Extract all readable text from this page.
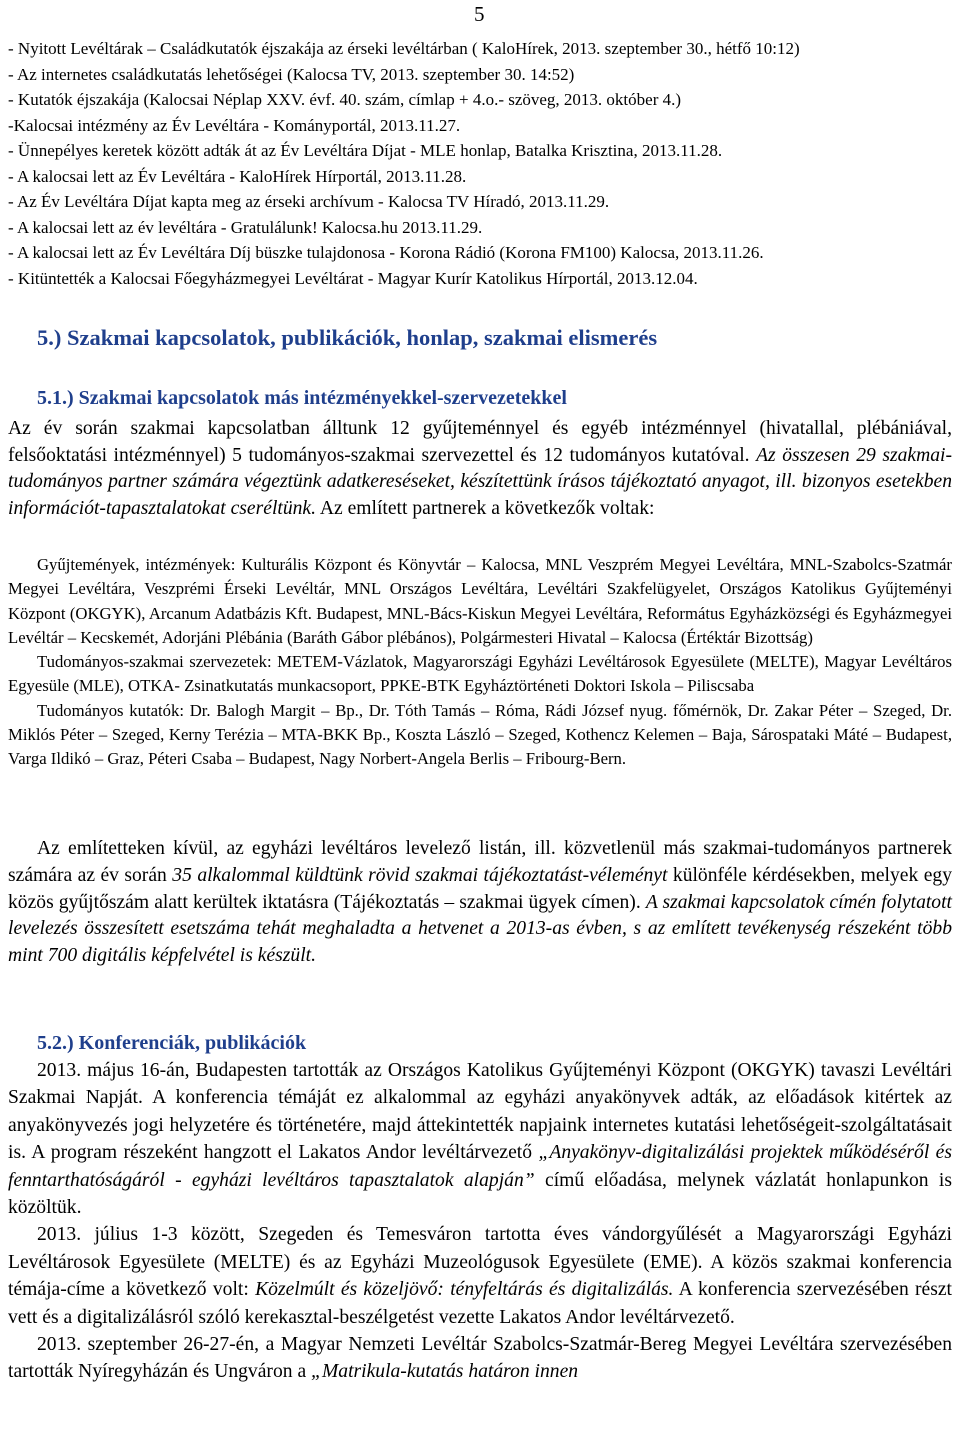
5
- Nyitott Levéltárak – Családkutatók éjszakája az érseki levéltárban ( KaloHírek, 2013. szeptember 30., hétfő 10:12)
- Az internetes családkutatás lehetőségei (Kalocsa TV, 2013. szeptember 30. 14:52)
- Kutatók éjszakája (Kalocsai Néplap XXV. évf. 40. szám, címlap + 4.o.- szöveg, 2013. október 4.)
-Kalocsai intézmény az Év Levéltára - Kományportál, 2013.11.27.
- Ünnepélyes keretek között adták át az Év Levéltára Díjat - MLE honlap, Batalka Krisztina, 2013.11.28.
- A kalocsai lett az Év Levéltára - KaloHírek Hírportál, 2013.11.28.
- Az Év Levéltára Díjat kapta meg az érseki archívum - Kalocsa TV Híradó, 2013.11.29.
- A kalocsai lett az év levéltára - Gratulálunk! Kalocsa.hu 2013.11.29.
- A kalocsai lett az Év Levéltára Díj büszke tulajdonosa - Korona Rádió (Korona FM100) Kalocsa, 2013.11.26.
- Kitüntették a Kalocsai Főegyházmegyei Levéltárat - Magyar Kurír Katolikus Hírportál, 2013.12.04.
5.) Szakmai kapcsolatok, publikációk, honlap, szakmai elismerés
5.1.) Szakmai kapcsolatok más intézményekkel-szervezetekkel

Az év során szakmai kapcsolatban álltunk 12 gyűjteménnyel és egyéb intézménnyel (hivatallal, plébániával, felsőoktatási intézménnyel) 5 tudományos-szakmai szervezettel és 12 tudományos kutatóval. Az összesen 29 szakmai-tudományos partner számára végeztünk adatkereséseket, készítettünk írásos tájékoztató anyagot, ill. bizonyos esetekben információt-tapasztalatokat cseréltünk. Az említett partnerek a következők voltak:

Gyűjtemények, intézmények: Kulturális Központ és Könyvtár – Kalocsa, MNL Veszprém Megyei Levéltára, MNL-Szabolcs-Szatmár Megyei Levéltára, Veszprémi Érseki Levéltár, MNL Országos Levéltára, Levéltári Szakfelügyelet, Országos Katolikus Gyűjteményi Központ (OKGYK), Arcanum Adatbázis Kft. Budapest, MNL-Bács-Kiskun Megyei Levéltára, Református Egyházközségi és Egyházmegyei Levéltár – Kecskemét, Adorjáni Plébánia (Baráth Gábor plébános), Polgármesteri Hivatal – Kalocsa (Értéktár Bizottság)

Tudományos-szakmai szervezetek: METEM-Vázlatok, Magyarországi Egyházi Levéltárosok Egyesülete (MELTE), Magyar Levéltáros Egyesüle (MLE), OTKA- Zsinatkutatás munkacsoport, PPKE-BTK Egyháztörténeti Doktori Iskola – Piliscsaba

Tudományos kutatók: Dr. Balogh Margit – Bp., Dr. Tóth Tamás – Róma, Rádi József nyug. főmérnök, Dr. Zakar Péter – Szeged, Dr. Miklós Péter – Szeged, Kerny Terézia – MTA-BKK Bp., Koszta László – Szeged, Kothencz Kelemen – Baja, Sárospataki Máté – Budapest, Varga Ildikó – Graz, Péteri Csaba – Budapest, Nagy Norbert-Angela Berlis – Fribourg-Bern.

Az említetteken kívül, az egyházi levéltáros levelező listán, ill. közvetlenül más szakmai-tudományos partnerek számára az év során 35 alkalommal küldtünk rövid szakmai tájékoztatást-véleményt különféle kérdésekben, melyek egy közös gyűjtőszám alatt kerültek iktatásra (Tájékoztatás – szakmai ügyek címen). A szakmai kapcsolatok címén folytatott levelezés összesített esetszáma tehát meghaladta a hetvenet a 2013-as évben, s az említett tevékenység részeként több mint 700 digitális képfelvétel is készült.

5.2.) Konferenciák, publikációk

2013. május 16-án, Budapesten tartották az Országos Katolikus Gyűjteményi Központ (OKGYK) tavaszi Levéltári Szakmai Napját. A konferencia témáját ez alkalommal az egyházi anyakönyvek adták, az előadások kitértek az anyakönyvezés jogi helyzetére és történetére, majd áttekintették napjaink internetes kutatási lehetőségeit-szolgáltatásait is. A program részeként hangzott el Lakatos Andor levéltárvezető „Anyakönyv-digitalizálási projektek működéséről és fenntarthatóságáról - egyházi levéltáros tapasztalatok alapján” című előadása, melynek vázlatát honlapunkon is közöltük.

2013. július 1-3 között, Szegeden és Temesváron tartotta éves vándorgyűlését a Magyarországi Egyházi Levéltárosok Egyesülete (MELTE) és az Egyházi Muzeológusok Egyesülete (EME). A közös szakmai konferencia témája-címe a következő volt: Közelmúlt és közeljövő: tényfeltárás és digitalizálás. A konferencia szervezésében részt vett és a digitalizálásról szóló kerekasztal-beszélgetést vezette Lakatos Andor levéltárvezető.

2013. szeptember 26-27-én, a Magyar Nemzeti Levéltár Szabolcs-Szatmár-Bereg Megyei Levéltára szervezésében tartották Nyíregyházán és Ungváron a „Matrikula-kutatás határon innen
